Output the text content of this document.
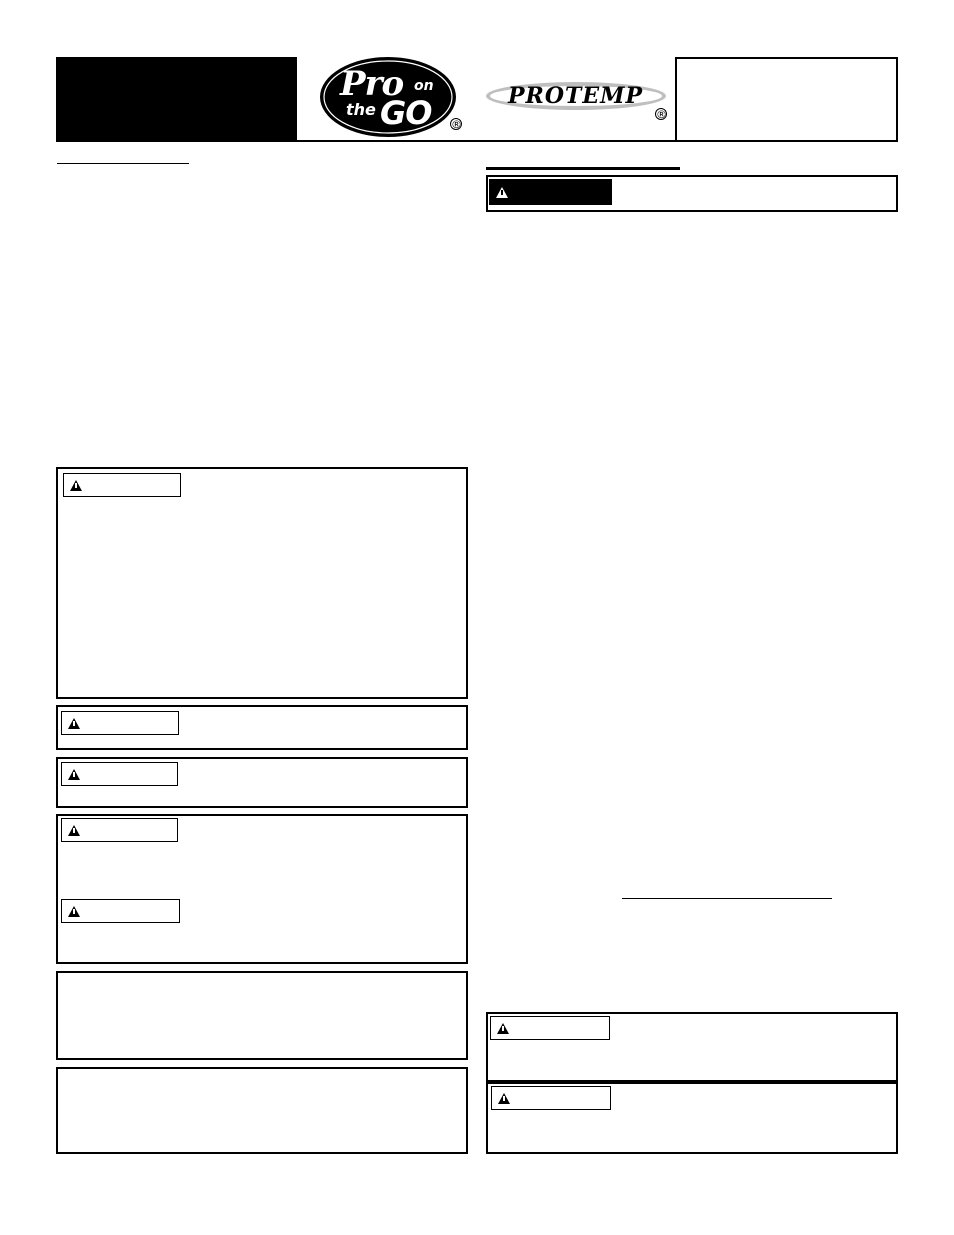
Pro on
the GO ®
PROTEMP
®
